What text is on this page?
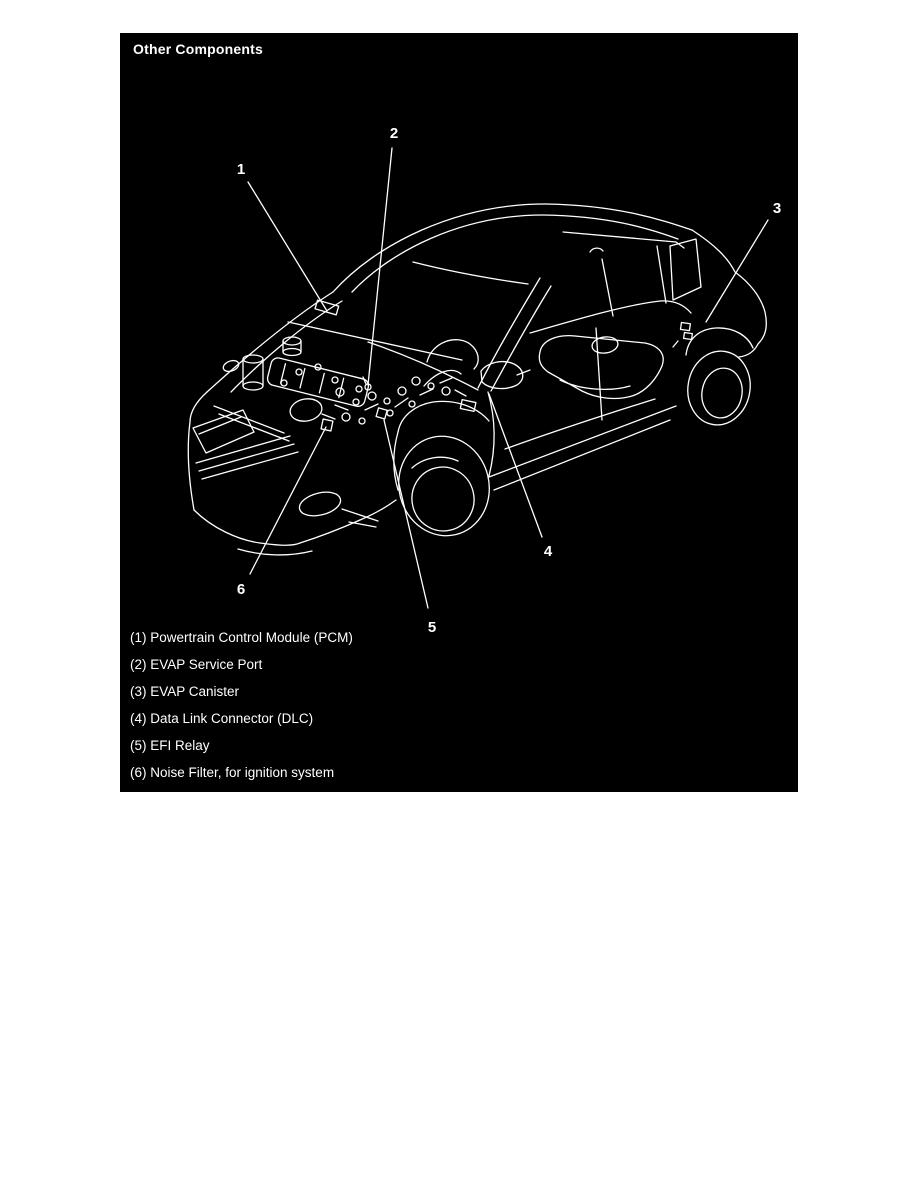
Other Components
1
2
3
4
5
6
(1) Powertrain Control Module (PCM)
(2) EVAP Service Port
(3) EVAP Canister
(4) Data Link Connector (DLC)
(5) EFI Relay
(6) Noise Filter, for ignition system
